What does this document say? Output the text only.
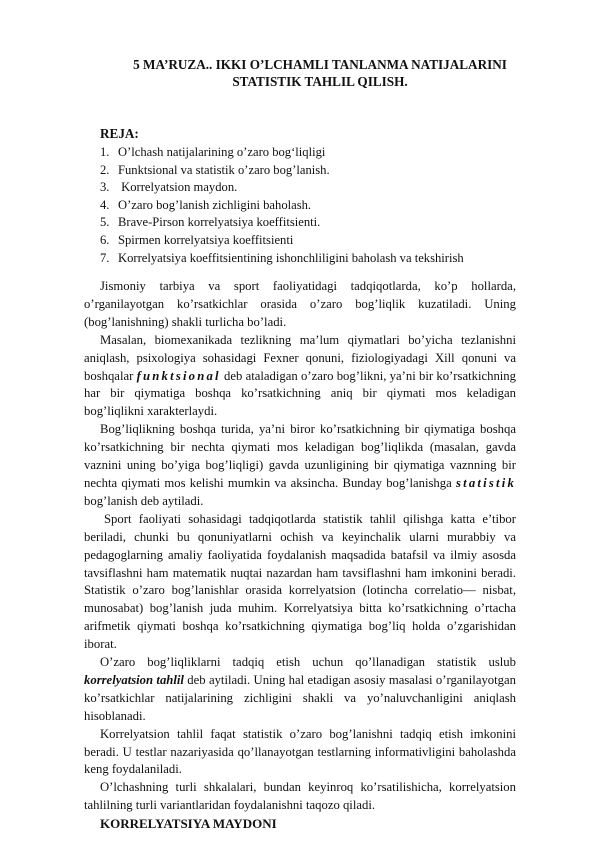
5 MA’RUZA.. IKKI O’LCHAMLI TANLANMA NATIJALARINI
STATISTIK TAHLIL QILISH.
REJA:
1. O’lchash natijalarining o’zaro bog‘liqligi
2. Funktsional va statistik o’zaro bog’lanish.
3. Korrelyatsion maydon.
4. O’zaro bog’lanish zichligini baholash.
5. Brave-Pirson korrelyatsiya koeffitsienti.
6. Spirmen korrelyatsiya koeffitsienti
7. Korrelyatsiya koeffitsientining ishonchliligini baholash va tekshirish

Jismoniy tarbiya va sport faoliyatidagi tadqiqotlarda, ko’p hollarda, o’rganilayotgan ko’rsatkichlar orasida o’zaro bog’liqlik kuzatiladi. Uning (bog’lanishning) shakli turlicha bo’ladi.

Masalan, biomexanikada tezlikning ma’lum qiymatlari bo’yicha tezlanishni aniqlash, psixologiya sohasidagi Fexner qonuni, fiziologiyadagi Xill qonuni va boshqalar funktsional deb ataladigan o’zaro bog’likni, ya’ni bir ko’rsatkichning har bir qiymatiga boshqa ko’rsatkichning aniq bir qiymati mos keladigan bog’liqlikni xarakterlaydi.

Bog’liqlikning boshqa turida, ya’ni biror ko’rsatkichning bir qiymatiga boshqa ko’rsatkichning bir nechta qiymati mos keladigan bog’liqlikda (masalan, gavda vaznini uning bo’yiga bog’liqligi) gavda uzunligining bir qiymatiga vaznning bir nechta qiymati mos kelishi mumkin va aksincha. Bunday bog’lanishga statistik bog’lanish deb aytiladi.

Sport faoliyati sohasidagi tadqiqotlarda statistik tahlil qilishga katta e’tibor beriladi, chunki bu qonuniyatlarni ochish va keyinchalik ularni murabbiy va pedagoglarning amaliy faoliyatida foydalanish maqsadida batafsil va ilmiy asosda tavsiflashni ham matematik nuqtai nazardan ham tavsiflashni ham imkonini beradi. Statistik o’zaro bog’lanishlar orasida korrelyatsion (lotincha correlatio— nisbat, munosabat) bog’lanish juda muhim. Korrelyatsiya bitta ko’rsatkichning o’rtacha arifmetik qiymati boshqa ko’rsatkichning qiymatiga bog’liq holda o’zgarishidan iborat.

O’zaro bog’liqliklarni tadqiq etish uchun qo’llanadigan statistik uslub korrelyatsion tahlil deb aytiladi. Uning hal etadigan asosiy masalasi o’rganilayotgan ko’rsatkichlar natijalarining zichligini shakli va yo’naluvchanligini aniqlash hisoblanadi.

Korrelyatsion tahlil faqat statistik o’zaro bog’lanishni tadqiq etish imkonini beradi. U testlar nazariyasida qo’llanayotgan testlarning informativligini baholashda keng foydalaniladi.

O’lchashning turli shkalalari, bundan keyinroq ko’rsatilishicha, korrelyatsion tahlilning turli variantlaridan foydalanishni taqozo qiladi.

KORRELYATSIYA MAYDONI
